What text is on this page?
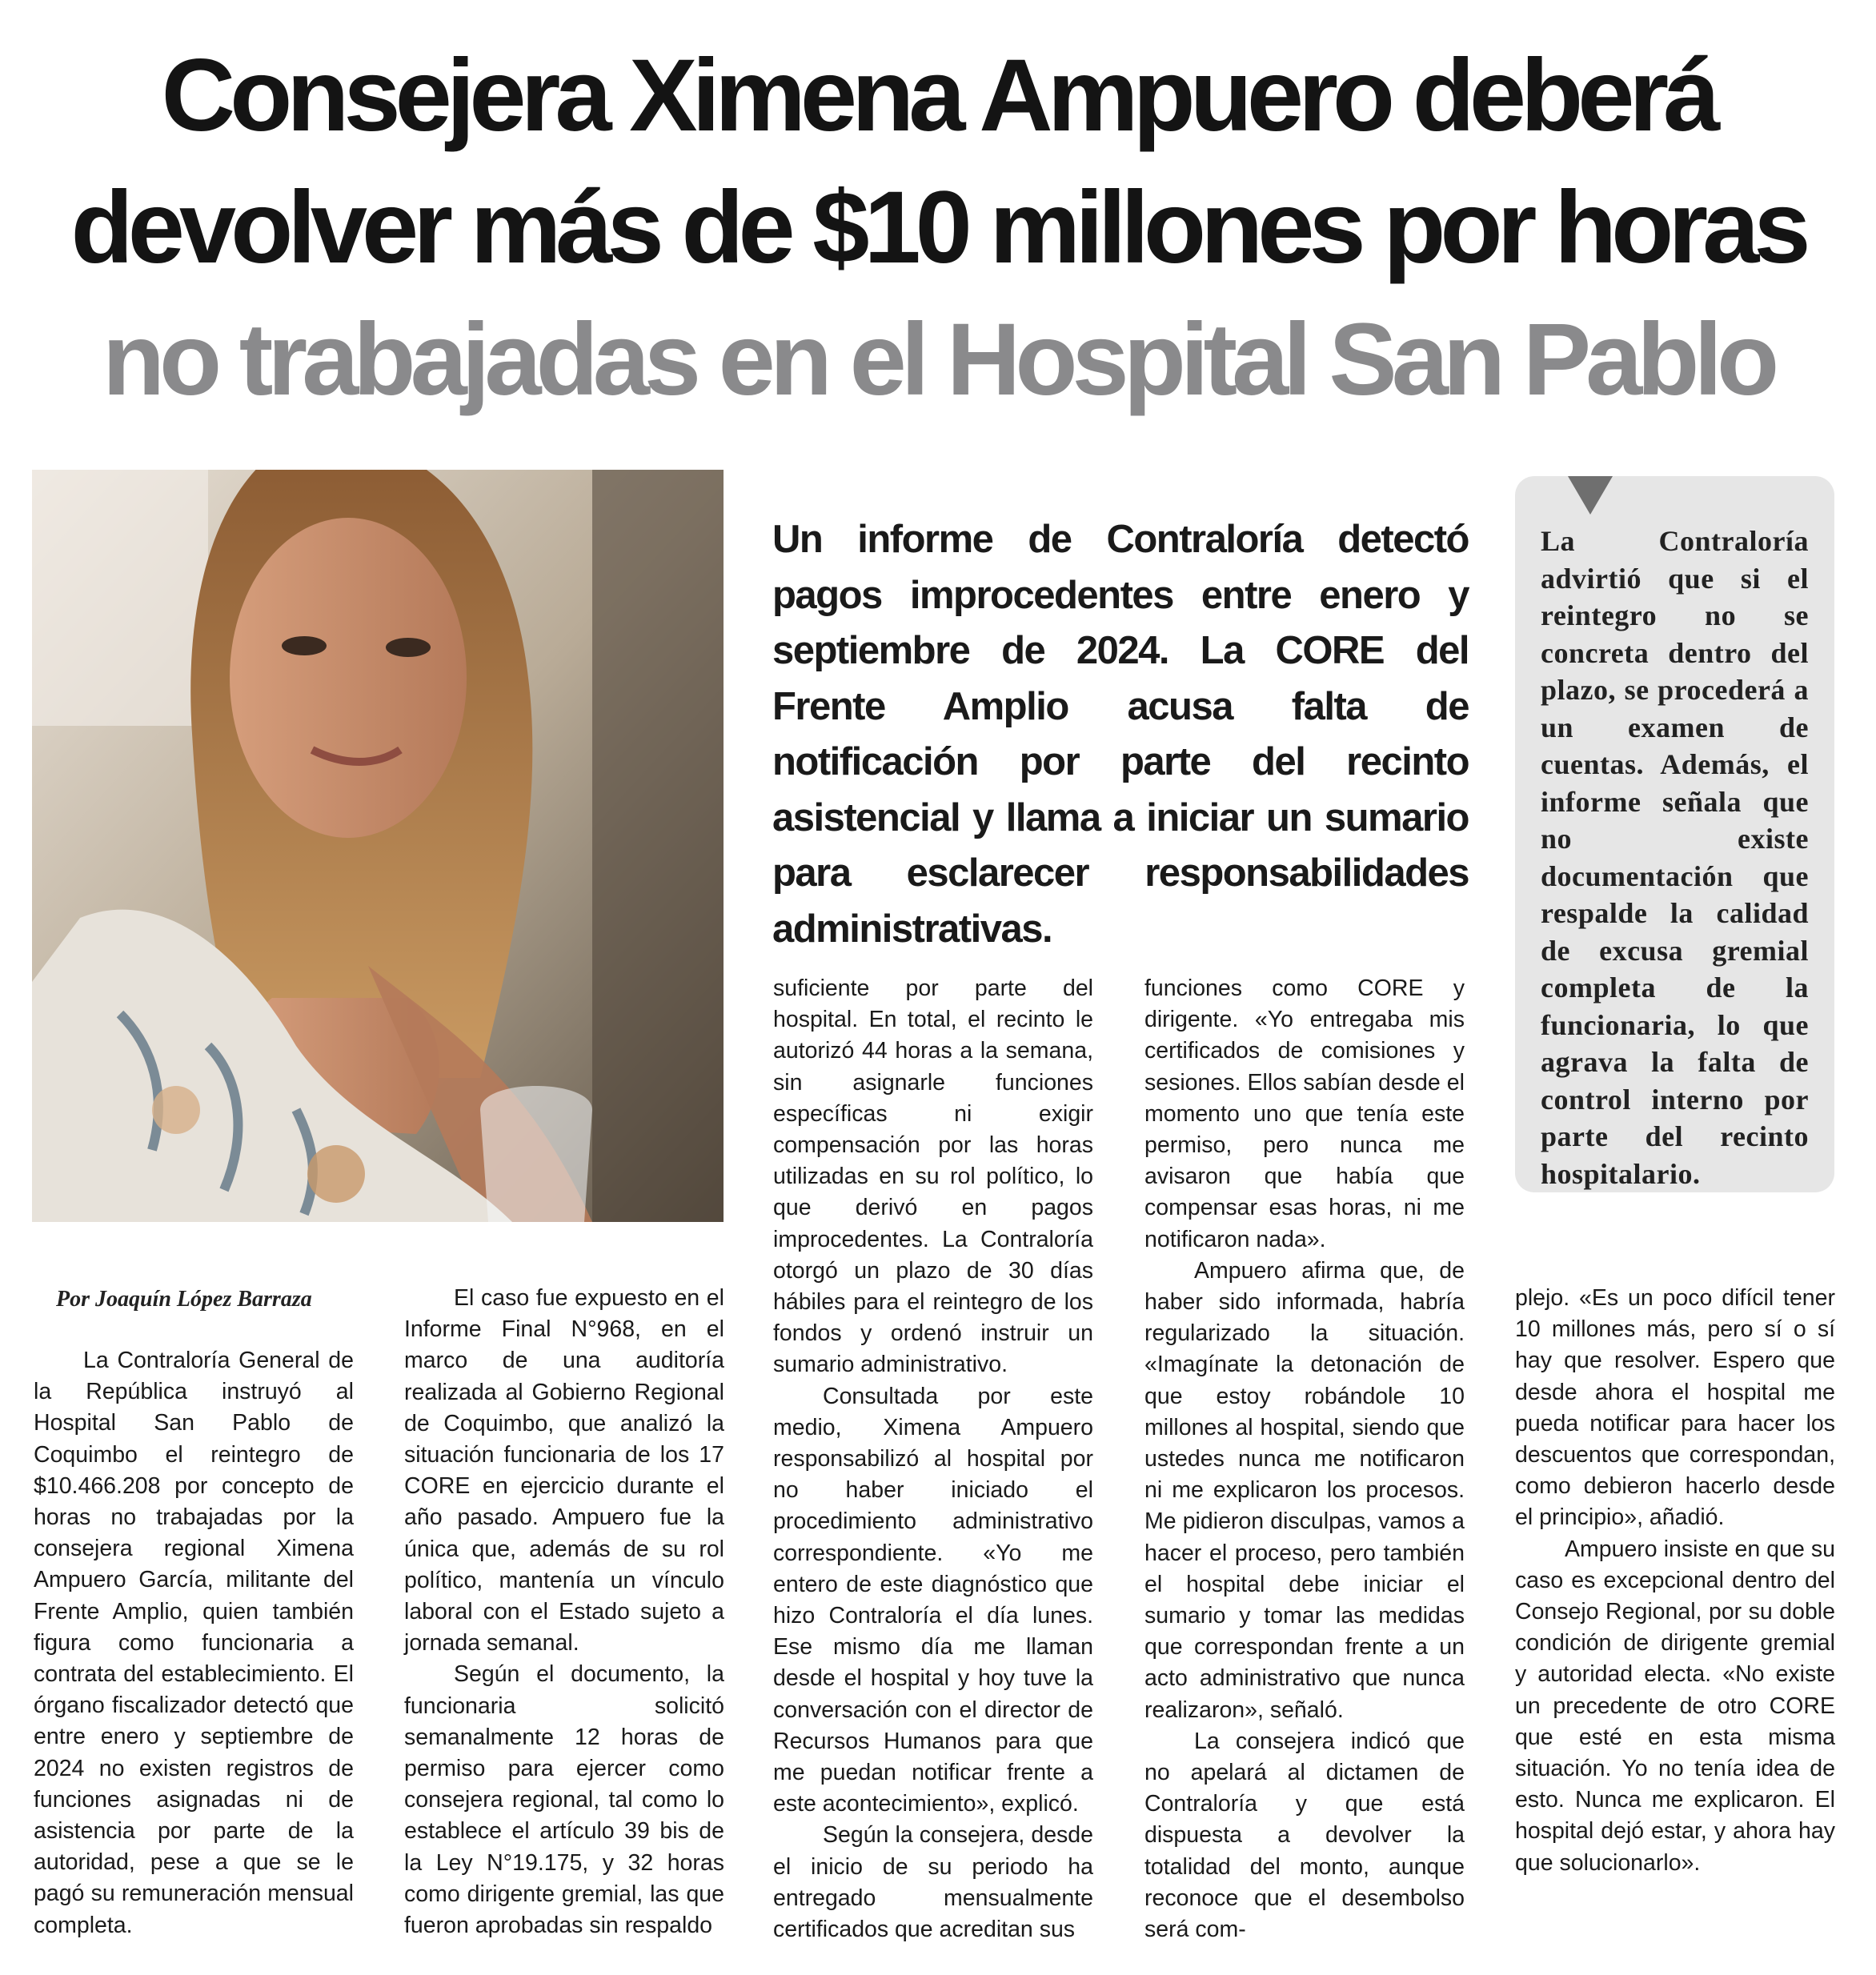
Consejera Ximena Ampuero deberá
devolver más de $10 millones por horas
no trabajadas en el Hospital San Pablo

Un informe de Contraloría detectó pagos improcedentes entre enero y septiembre de 2024. La CORE del Frente Amplio acusa falta de notificación por parte del recinto asistencial y llama a iniciar un sumario para esclarecer responsabilidades administrativas.

La Contraloría advirtió que si el reintegro no se concreta dentro del plazo, se procederá a un examen de cuentas. Además, el informe señala que no existe documentación que respalde la calidad de excusa gremial completa de la funcionaria, lo que agrava la falta de control interno por parte del recinto hospitalario.

Por Joaquín López Barraza

La Contraloría General de la República instruyó al Hospital San Pablo de Coquimbo el reintegro de $10.466.208 por concepto de horas no trabajadas por la consejera regional Ximena Ampuero García, militante del Frente Amplio, quien también figura como funcionaria a contrata del establecimiento. El órgano fiscalizador detectó que entre enero y septiembre de 2024 no existen registros de funciones asignadas ni de asistencia por parte de la autoridad, pese a que se le pagó su remuneración mensual completa.

El caso fue expuesto en el Informe Final N°968, en el marco de una auditoría realizada al Gobierno Regional de Coquimbo, que analizó la situación funcionaria de los 17 CORE en ejercicio durante el año pasado. Ampuero fue la única que, además de su rol político, mantenía un vínculo laboral con el Estado sujeto a jornada semanal.

Según el documento, la funcionaria solicitó semanalmente 12 horas de permiso para ejercer como consejera regional, tal como lo establece el artículo 39 bis de la Ley N°19.175, y 32 horas como dirigente gremial, las que fueron aprobadas sin respaldo

suficiente por parte del hospital. En total, el recinto le autorizó 44 horas a la semana, sin asignarle funciones específicas ni exigir compensación por las horas utilizadas en su rol político, lo que derivó en pagos improcedentes. La Contraloría otorgó un plazo de 30 días hábiles para el reintegro de los fondos y ordenó instruir un sumario administrativo.

Consultada por este medio, Ximena Ampuero responsabilizó al hospital por no haber iniciado el procedimiento administrativo correspondiente. «Yo me entero de este diagnóstico que hizo Contraloría el día lunes. Ese mismo día me llaman desde el hospital y hoy tuve la conversación con el director de Recursos Humanos para que me puedan notificar frente a este acontecimiento», explicó.

Según la consejera, desde el inicio de su periodo ha entregado mensualmente certificados que acreditan sus

funciones como CORE y dirigente. «Yo entregaba mis certificados de comisiones y sesiones. Ellos sabían desde el momento uno que tenía este permiso, pero nunca me avisaron que había que compensar esas horas, ni me notificaron nada».

Ampuero afirma que, de haber sido informada, habría regularizado la situación. «Imagínate la detonación de que estoy robándole 10 millones al hospital, siendo que ustedes nunca me notificaron ni me explicaron los procesos. Me pidieron disculpas, vamos a hacer el proceso, pero también el hospital debe iniciar el sumario y tomar las medidas que correspondan frente a un acto administrativo que nunca realizaron», señaló.

La consejera indicó que no apelará al dictamen de Contraloría y que está dispuesta a devolver la totalidad del monto, aunque reconoce que el desembolso será com-

plejo. «Es un poco difícil tener 10 millones más, pero sí o sí hay que resolver. Espero que desde ahora el hospital me pueda notificar para hacer los descuentos que correspondan, como debieron hacerlo desde el principio», añadió.

Ampuero insiste en que su caso es excepcional dentro del Consejo Regional, por su doble condición de dirigente gremial y autoridad electa. «No existe un precedente de otro CORE que esté en esta misma situación. Yo no tenía idea de esto. Nunca me explicaron. El hospital dejó estar, y ahora hay que solucionarlo».
